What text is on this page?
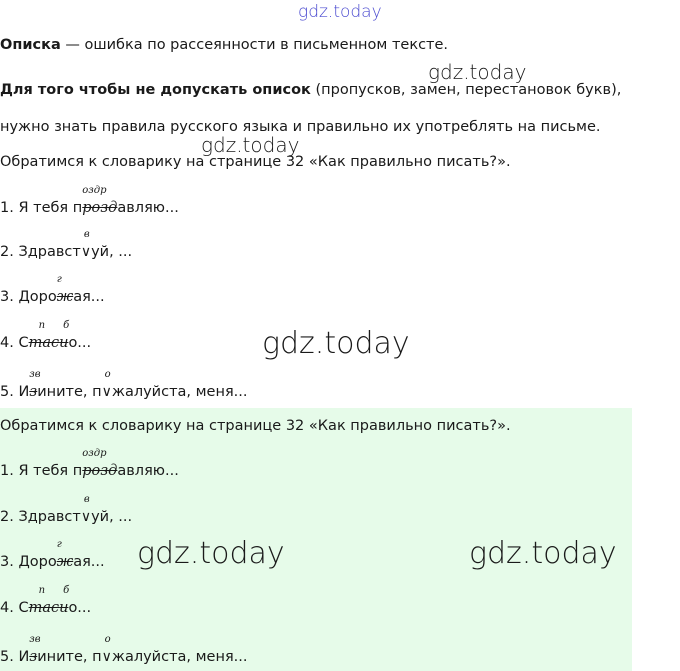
gdz.today
gdz.today
gdz.today
gdz.today
Описка — ошибка по рассеянности в письменном тексте.
Для того чтобы не допускать описок (пропусков, замен, перестановок букв),
нужно знать правила русского языка и правильно их употреблять на письме.
Обратимся к словарику на странице 32 «Как правильно писать?».
1. Я тебя п
оздр
роздавляю...
2. Здравст
в
∨уй, ...
3. Доро
г
жая...
4. С
п
тас
б
ио...
5. И
зв
зините, п
о
∨жалуйста, меня...
Обратимся к словарику на странице 32 «Как правильно писать?».
1. Я тебя п
оздр
роздавляю...
2. Здравст
в
∨уй, ...
3. Доро
г
жая...
4. С
п
тас
б
ио...
5. И
зв
зините, п
о
∨жалуйста, меня...
gdz.today	gdz.today
